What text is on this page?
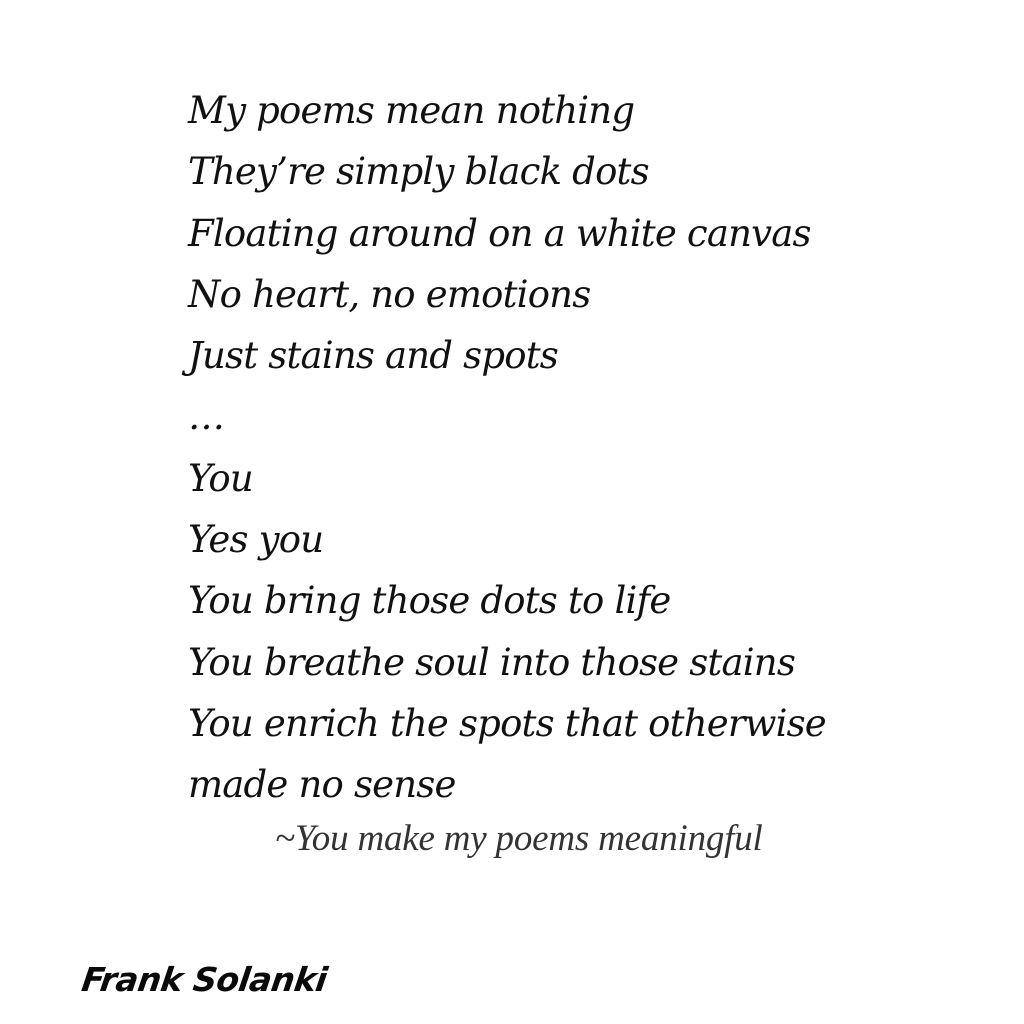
My poems mean nothing
They’re simply black dots
Floating around on a white canvas
No heart, no emotions
Just stains and spots
…
You
Yes you
You bring those dots to life
You breathe soul into those stains
You enrich the spots that otherwise
made no sense
~You make my poems meaningful
Frank Solanki
